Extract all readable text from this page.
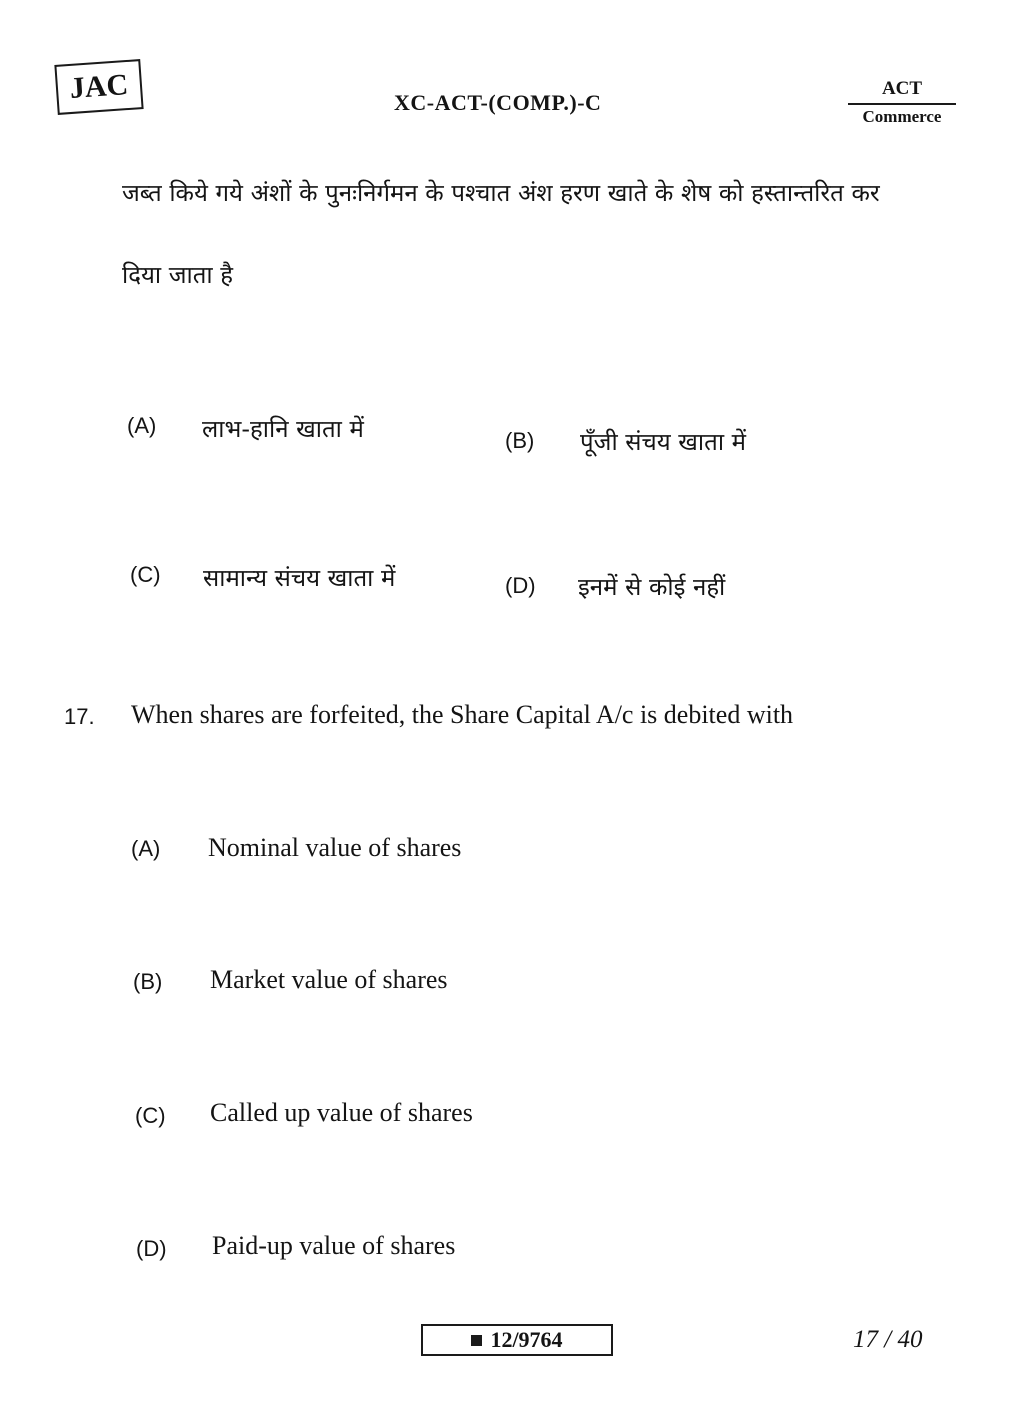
JAC	XC-ACT-(COMP.)-C
ACT
Commerce
जब्त किये गये अंशों के पुनःनिर्गमन के पश्चात अंश हरण खाते के शेष को हस्तान्तरित कर
दिया जाता है
(A) लाभ-हानि खाता में	(B) पूँजी संचय खाता में
(C) सामान्य संचय खाता में	(D) इनमें से कोई नहीं
17. When shares are forfeited, the Share Capital A/c is debited with
(A) Nominal value of shares
(B) Market value of shares
(C) Called up value of shares
(D) Paid-up value of shares
12/9764	17 / 40
